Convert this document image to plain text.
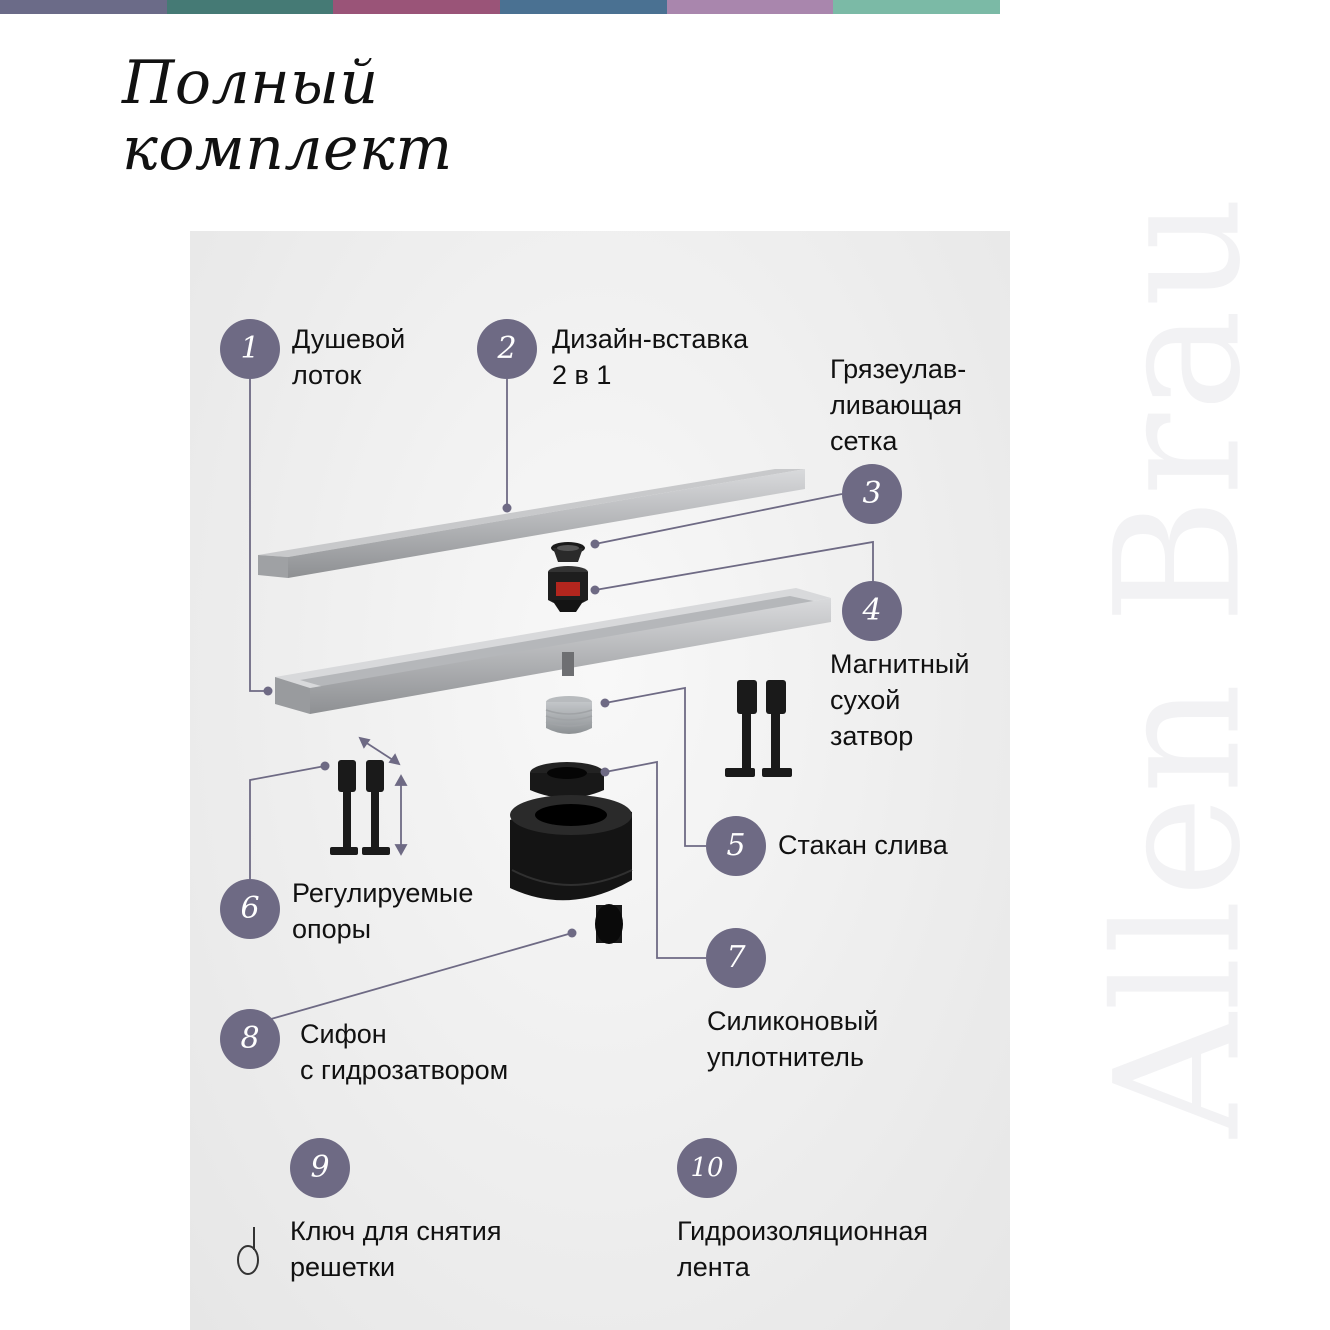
Полный
комплект
Allen Brau
1	Душевой
лоток
2	Дизайн-вставка
2 в 1	Грязеулав-
ливающая
сетка
3
4
Магнитный
сухой
затвор
5	Стакан слива
6	Регулируемые
опоры
7
Силиконовый
уплотнитель
8	Сифон
с гидрозатвором
9
Ключ для снятия
решетки
10
Гидроизоляционная
лента
